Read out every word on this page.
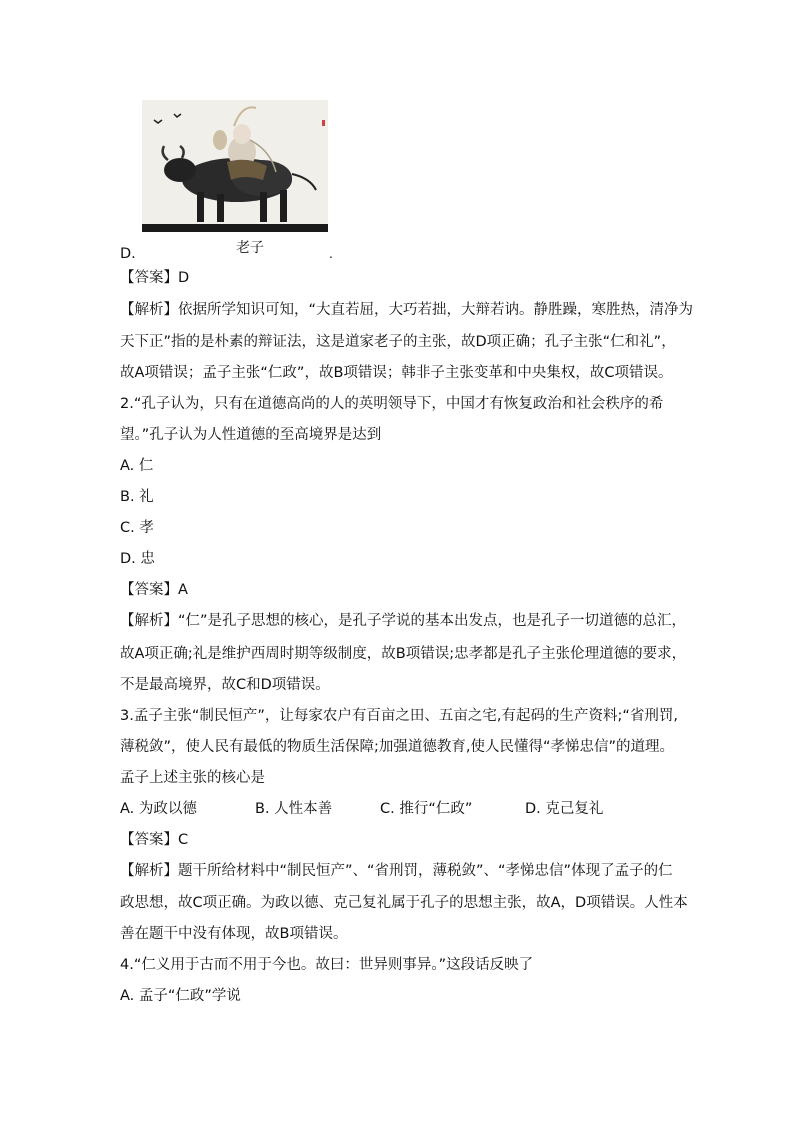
D.	老子	.
【答案】D
【解析】依据所学知识可知，“大直若屈，大巧若拙，大辩若讷。静胜躁，寒胜热，清净为
天下正”指的是朴素的辩证法，这是道家老子的主张，故D项正确；孔子主张“仁和礼”，
故A项错误；孟子主张“仁政”，故B项错误；韩非子主张变革和中央集权，故C项错误。
2.“孔子认为，只有在道德高尚的人的英明领导下，中国才有恢复政治和社会秩序的希
望。”孔子认为人性道德的至高境界是达到
A. 仁
B. 礼
C. 孝
D. 忠
【答案】A
【解析】“仁”是孔子思想的核心，是孔子学说的基本出发点，也是孔子一切道德的总汇，
故A项正确;礼是维护西周时期等级制度，故B项错误;忠孝都是孔子主张伦理道德的要求，
不是最高境界，故C和D项错误。
3.孟子主张“制民恒产”，让每家农户有百亩之田、五亩之宅,有起码的生产资料;“省刑罚,
薄税敛”，使人民有最低的物质生活保障;加强道德教育,使人民懂得“孝悌忠信”的道理。
孟子上述主张的核心是
A. 为政以德	B. 人性本善	C. 推行“仁政”	D. 克己复礼
【答案】C
【解析】题干所给材料中“制民恒产”、“省刑罚，薄税敛”、“孝悌忠信”体现了孟子的仁
政思想，故C项正确。为政以德、克己复礼属于孔子的思想主张，故A，D项错误。人性本
善在题干中没有体现，故B项错误。
4.“仁义用于古而不用于今也。故曰：世异则事异。”这段话反映了
A. 孟子“仁政”学说
